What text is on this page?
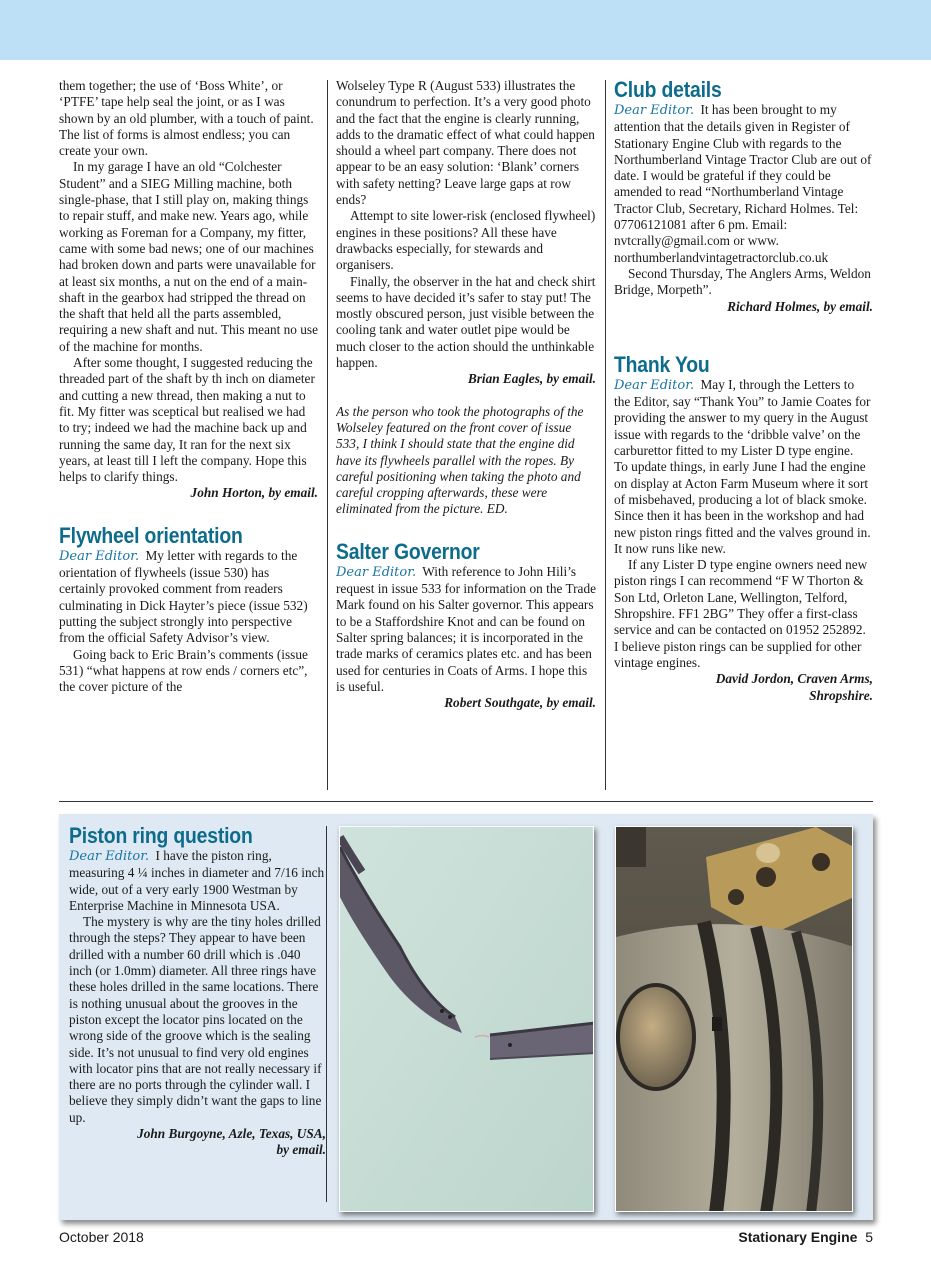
them together; the use of ‘Boss White’, or ‘PTFE’ tape help seal the joint, or as I was shown by an old plumber, with a touch of paint. The list of forms is almost endless; you can create your own.

In my garage I have an old “Colchester Student” and a SIEG Milling machine, both single-phase, that I still play on, making things to repair stuff, and make new. Years ago, while working as Foreman for a Company, my fitter, came with some bad news; one of our machines had broken down and parts were unavailable for at least six months, a nut on the end of a main-shaft in the gearbox had stripped the thread on the shaft that held all the parts assembled, requiring a new shaft and nut. This meant no use of the machine for months.

After some thought, I suggested reducing the threaded part of the shaft by th inch on diameter and cutting a new thread, then making a nut to fit. My fitter was sceptical but realised we had to try; indeed we had the machine back up and running the same day, It ran for the next six years, at least till I left the company. Hope this helps to clarify things.

John Horton, by email.

Flywheel orientation

Dear Editor. My letter with regards to the orientation of flywheels (issue 530) has certainly provoked comment from readers culminating in Dick Hayter’s piece (issue 532) putting the subject strongly into perspective from the official Safety Advisor’s view.

Going back to Eric Brain’s comments (issue 531) “what happens at row ends / corners etc”, the cover picture of the

Wolseley Type R (August 533) illustrates the conundrum to perfection. It’s a very good photo and the fact that the engine is clearly running, adds to the dramatic effect of what could happen should a wheel part company. There does not appear to be an easy solution: ‘Blank’ corners with safety netting? Leave large gaps at row ends?

Attempt to site lower-risk (enclosed flywheel) engines in these positions? All these have drawbacks especially, for stewards and organisers.

Finally, the observer in the hat and check shirt seems to have decided it’s safer to stay put! The mostly obscured person, just visible between the cooling tank and water outlet pipe would be much closer to the action should the unthinkable happen.

Brian Eagles, by email.

As the person who took the photographs of the Wolseley featured on the front cover of issue 533, I think I should state that the engine did have its flywheels parallel with the ropes. By careful positioning when taking the photo and careful cropping afterwards, these were eliminated from the picture. ED.

Salter Governor

Dear Editor. With reference to John Hili’s request in issue 533 for information on the Trade Mark found on his Salter governor. This appears to be a Staffordshire Knot and can be found on Salter spring balances; it is incorporated in the trade marks of ceramics plates etc. and has been used for centuries in Coats of Arms. I hope this is useful.

Robert Southgate, by email.

Club details

Dear Editor. It has been brought to my attention that the details given in Register of Stationary Engine Club with regards to the Northumberland Vintage Tractor Club are out of date. I would be grateful if they could be amended to read “Northumberland Vintage Tractor Club, Secretary, Richard Holmes. Tel: 07706121081 after 6 pm. Email: nvtcrally@gmail.com or www. northumberlandvintagetractorclub.co.uk

Second Thursday, The Anglers Arms, Weldon Bridge, Morpeth”.

Richard Holmes, by email.

Thank You

Dear Editor. May I, through the Letters to the Editor, say “Thank You” to Jamie Coates for providing the answer to my query in the August issue with regards to the ‘dribble valve’ on the carburettor fitted to my Lister D type engine.

To update things, in early June I had the engine on display at Acton Farm Museum where it sort of misbehaved, producing a lot of black smoke. Since then it has been in the workshop and had new piston rings fitted and the valves ground in. It now runs like new.

If any Lister D type engine owners need new piston rings I can recommend “F W Thorton & Son Ltd, Orleton Lane, Wellington, Telford, Shropshire. FF1 2BG” They offer a first-class service and can be contacted on 01952 252892. I believe piston rings can be supplied for other vintage engines.

David Jordon, Craven Arms,

Shropshire.

Piston ring question

Dear Editor. I have the piston ring, measuring 4 ¼ inches in diameter and 7/16 inch wide, out of a very early 1900 Westman by Enterprise Machine in Minnesota USA.

The mystery is why are the tiny holes drilled through the steps? They appear to have been drilled with a number 60 drill which is .040 inch (or 1.0mm) diameter. All three rings have these holes drilled in the same locations. There is nothing unusual about the grooves in the piston except the locator pins located on the wrong side of the groove which is the sealing side. It’s not unusual to find very old engines with locator pins that are not really necessary if there are no ports through the cylinder wall. I believe they simply didn’t want the gaps to line up.

John Burgoyne, Azle, Texas, USA,

by email.

October 2018	Stationary Engine 5
